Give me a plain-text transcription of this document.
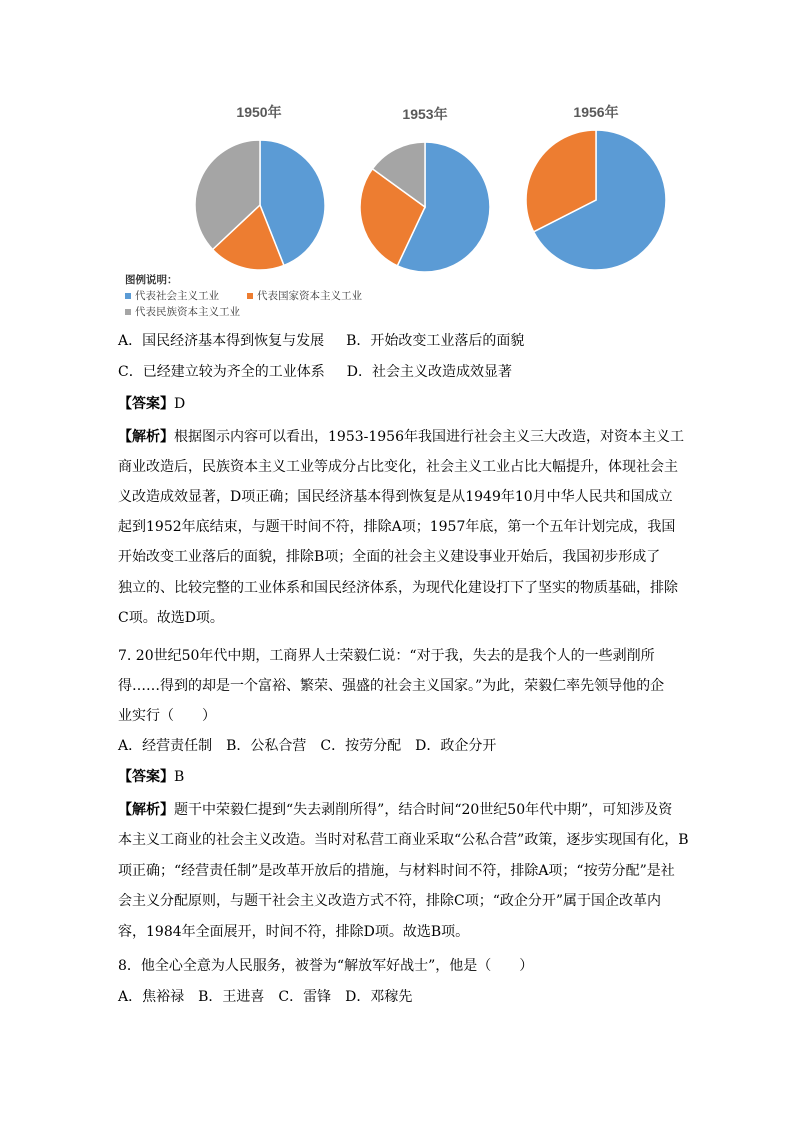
1950年	1953年	1956年
图例说明：
代表社会主义工业	代表国家资本主义工业
代表民族资本主义工业
A．国民经济基本得到恢复与发展 B．开始改变工业落后的面貌
C．已经建立较为齐全的工业体系 D．社会主义改造成效显著
【答案】D
【解析】根据图示内容可以看出，1953-1956年我国进行社会主义三大改造，对资本主义工
商业改造后，民族资本主义工业等成分占比变化，社会主义工业占比大幅提升，体现社会主
义改造成效显著，D项正确；国民经济基本得到恢复是从1949年10月中华人民共和国成立
起到1952年底结束，与题干时间不符，排除A项；1957年底，第一个五年计划完成，我国
开始改变工业落后的面貌，排除B项；全面的社会主义建设事业开始后，我国初步形成了
独立的、比较完整的工业体系和国民经济体系，为现代化建设打下了坚实的物质基础，排除
C项。故选D项。
7. 20世纪50年代中期，工商界人士荣毅仁说：“对于我，失去的是我个人的一些剥削所
得……得到的却是一个富裕、繁荣、强盛的社会主义国家。”为此，荣毅仁率先领导他的企
业实行（　　）
A．经营责任制　B．公私合营　C．按劳分配　D．政企分开
【答案】B
【解析】题干中荣毅仁提到“失去剥削所得”，结合时间“20世纪50年代中期”，可知涉及资
本主义工商业的社会主义改造。当时对私营工商业采取“公私合营”政策，逐步实现国有化，B
项正确；“经营责任制”是改革开放后的措施，与材料时间不符，排除A项；“按劳分配”是社
会主义分配原则，与题干社会主义改造方式不符，排除C项；“政企分开”属于国企改革内
容，1984年全面展开，时间不符，排除D项。故选B项。
8．他全心全意为人民服务，被誉为“解放军好战士”，他是（　　）
A．焦裕禄　B．王进喜　C．雷锋　D．邓稼先
